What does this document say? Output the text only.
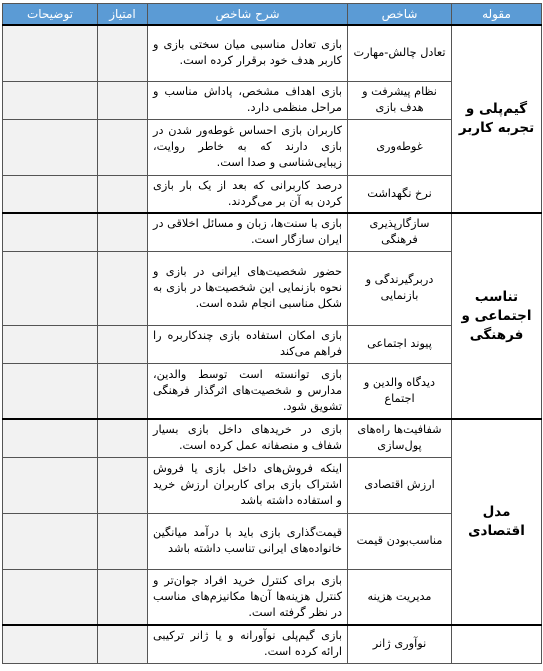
مقوله	شاخص	شرح شاخص	امتیاز	توضیحات
گیم‌پلی و تجربه کاربر	تعادل چالش-مهارت	بازی تعادل مناسبی میان سختی بازی و کاربر هدف خود برقرار کرده است.		
	نظام پیشرفت و هدف بازی	بازی اهداف مشخص، پاداش مناسب و مراحل منظمی دارد.		
	غوطه‌وری	کاربران بازی احساس غوطه‌ور شدن در بازی دارند که به خاطر روایت، زیبایی‌شناسی و صدا است.		
	نرخ نگهداشت	درصد کاربرانی که بعد از یک بار بازی کردن به آن بر می‌گردند.		
تناسب اجتماعی و فرهنگی	سازگارپذیری فرهنگی	بازی با سنت‌ها، زبان و مسائل اخلاقی در ایران سازگار است.		
	دربرگیرندگی و بازنمایی	حضور شخصیت‌های ایرانی در بازی و نحوه بازنمایی این شخصیت‌ها در بازی به شکل مناسبی انجام شده است.		
	پیوند اجتماعی	بازی امکان استفاده بازی چندکاربره را فراهم می‌کند		
	دیدگاه والدین و اجتماع	بازی توانسته است توسط والدین، مدارس و شخصیت‌های اثرگذار فرهنگی تشویق شود.		
مدل اقتصادی	شفافیت‌ها راه‌های پول‌سازی	بازی در خریدهای داخل بازی بسیار شفاف و منصفانه عمل کرده است.		
	ارزش اقتصادی	اینکه فروش‌های داخل بازی یا فروش اشتراک بازی برای کاربران ارزش خرید و استفاده داشته باشد		
	مناسب‌بودن قیمت	قیمت‌گذاری بازی باید با درآمد میانگین خانواده‌های ایرانی تناسب داشته باشد		
	مدیریت هزینه	بازی برای کنترل خرید افراد جوان‌تر و کنترل هزینه‌ها آن‌ها مکانیزم‌های مناسب در نظر گرفته است.		
	نوآوری ژانر	بازی گیم‌پلی نوآورانه و یا ژانر ترکیبی ارائه کرده است.		
